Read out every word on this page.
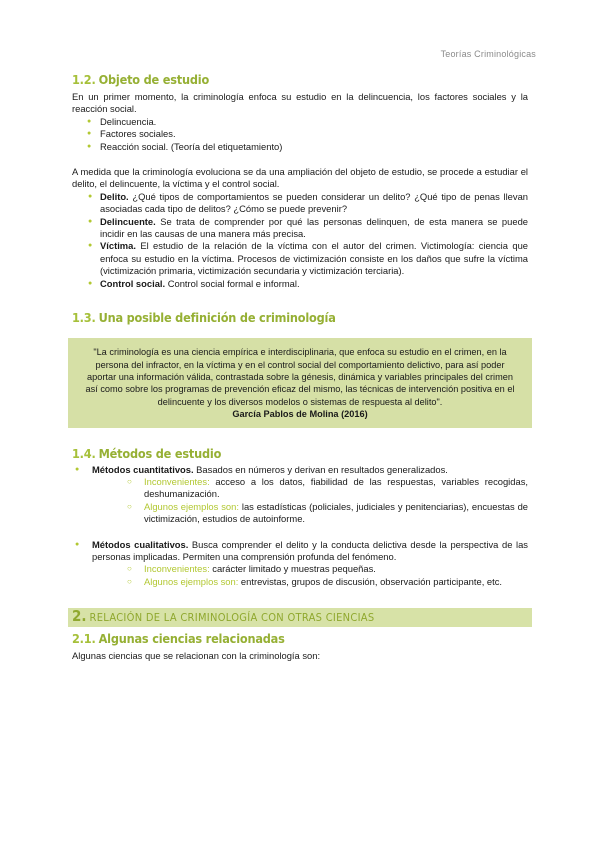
Teorías Criminológicas
1.2. Objeto de estudio

En un primer momento, la criminología enfoca su estudio en la delincuencia, los factores sociales y la reacción social.

● Delincuencia.
● Factores sociales.
● Reacción social. (Teoría del etiquetamiento)

A medida que la criminología evoluciona se da una ampliación del objeto de estudio, se procede a estudiar el delito, el delincuente, la víctima y el control social.

● Delito. ¿Qué tipos de comportamientos se pueden considerar un delito? ¿Qué tipo de penas llevan asociadas cada tipo de delitos? ¿Cómo se puede prevenir?
● Delincuente. Se trata de comprender por qué las personas delinquen, de esta manera se puede incidir en las causas de una manera más precisa.
● Víctima. El estudio de la relación de la víctima con el autor del crimen. Victimología: ciencia que enfoca su estudio en la víctima. Procesos de victimización consiste en los daños que sufre la víctima (victimización primaria, victimización secundaria y victimización terciaria).
● Control social. Control social formal e informal.
1.3. Una posible definición de criminología
"La criminología es una ciencia empírica e interdisciplinaria, que enfoca su estudio en el crimen, en la persona del infractor, en la víctima y en el control social del comportamiento delictivo, para así poder aportar una información válida, contrastada sobre la génesis, dinámica y variables principales del crimen así como sobre los programas de prevención eficaz del mismo, las técnicas de intervención positiva en el delincuente y los diversos modelos o sistemas de respuesta al delito".
García Pablos de Molina (2016)
1.4. Métodos de estudio
● Métodos cuantitativos. Basados en números y derivan en resultados generalizados.
○ Inconvenientes: acceso a los datos, fiabilidad de las respuestas, variables recogidas, deshumanización.
○ Algunos ejemplos son: las estadísticas (policiales, judiciales y penitenciarias), encuestas de victimización, estudios de autoinforme.
● Métodos cualitativos. Busca comprender el delito y la conducta delictiva desde la perspectiva de las personas implicadas. Permiten una comprensión profunda del fenómeno.
○ Inconvenientes: carácter limitado y muestras pequeñas.
○ Algunos ejemplos son: entrevistas, grupos de discusión, observación participante, etc.
2. RELACIÓN DE LA CRIMINOLOGÍA CON OTRAS CIENCIAS
2.1. Algunas ciencias relacionadas

Algunas ciencias que se relacionan con la criminología son:
